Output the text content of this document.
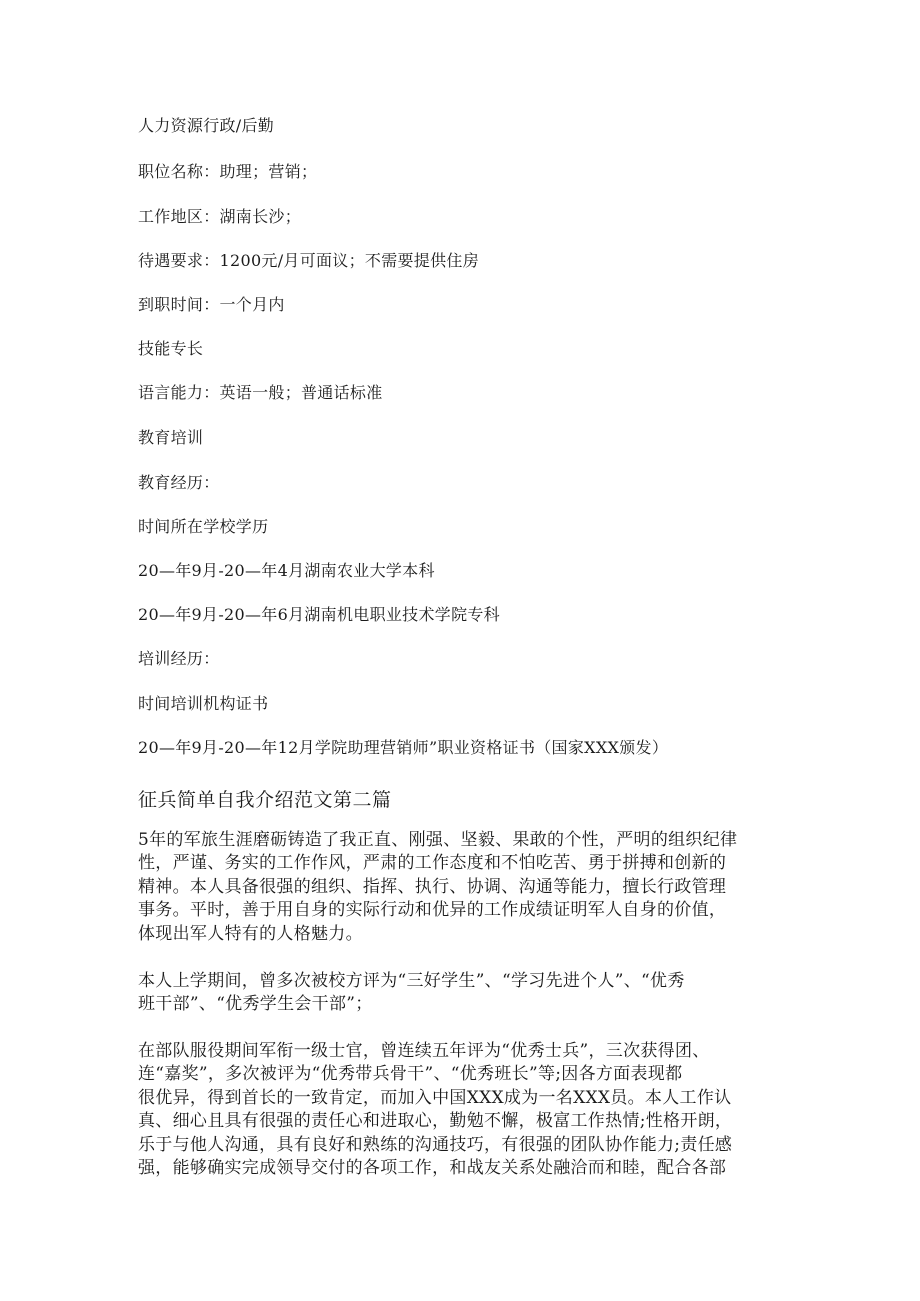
人力资源行政/后勤
职位名称：助理；营销；
工作地区：湖南长沙；
待遇要求：1200元/月可面议；不需要提供住房
到职时间：一个月内
技能专长
语言能力：英语一般；普通话标准
教育培训
教育经历：
时间所在学校学历
20—年9月-20—年4月湖南农业大学本科
20—年9月-20—年6月湖南机电职业技术学院专科
培训经历：
时间培训机构证书
20—年9月-20—年12月学院助理营销师”职业资格证书（国家XXX颁发）
征兵简单自我介绍范文第二篇
5年的军旅生涯磨砺铸造了我正直、刚强、坚毅、果敢的个性，严明的组织纪律
性，严谨、务实的工作作风，严肃的工作态度和不怕吃苦、勇于拼搏和创新的
精神。本人具备很强的组织、指挥、执行、协调、沟通等能力，擅长行政管理
事务。平时，善于用自身的实际行动和优异的工作成绩证明军人自身的价值，
体现出军人特有的人格魅力。
本人上学期间，曾多次被校方评为“三好学生”、“学习先进个人”、“优秀
班干部”、“优秀学生会干部”；
在部队服役期间军衔一级士官，曾连续五年评为“优秀士兵”，三次获得团、
连“嘉奖”，多次被评为“优秀带兵骨干”、“优秀班长”等;因各方面表现都
很优异，得到首长的一致肯定，而加入中国XXX成为一名XXX员。本人工作认
真、细心且具有很强的责任心和进取心，勤勉不懈，极富工作热情;性格开朗，
乐于与他人沟通，具有良好和熟练的沟通技巧，有很强的团队协作能力;责任感
强，能够确实完成领导交付的各项工作，和战友关系处融洽而和睦，配合各部
